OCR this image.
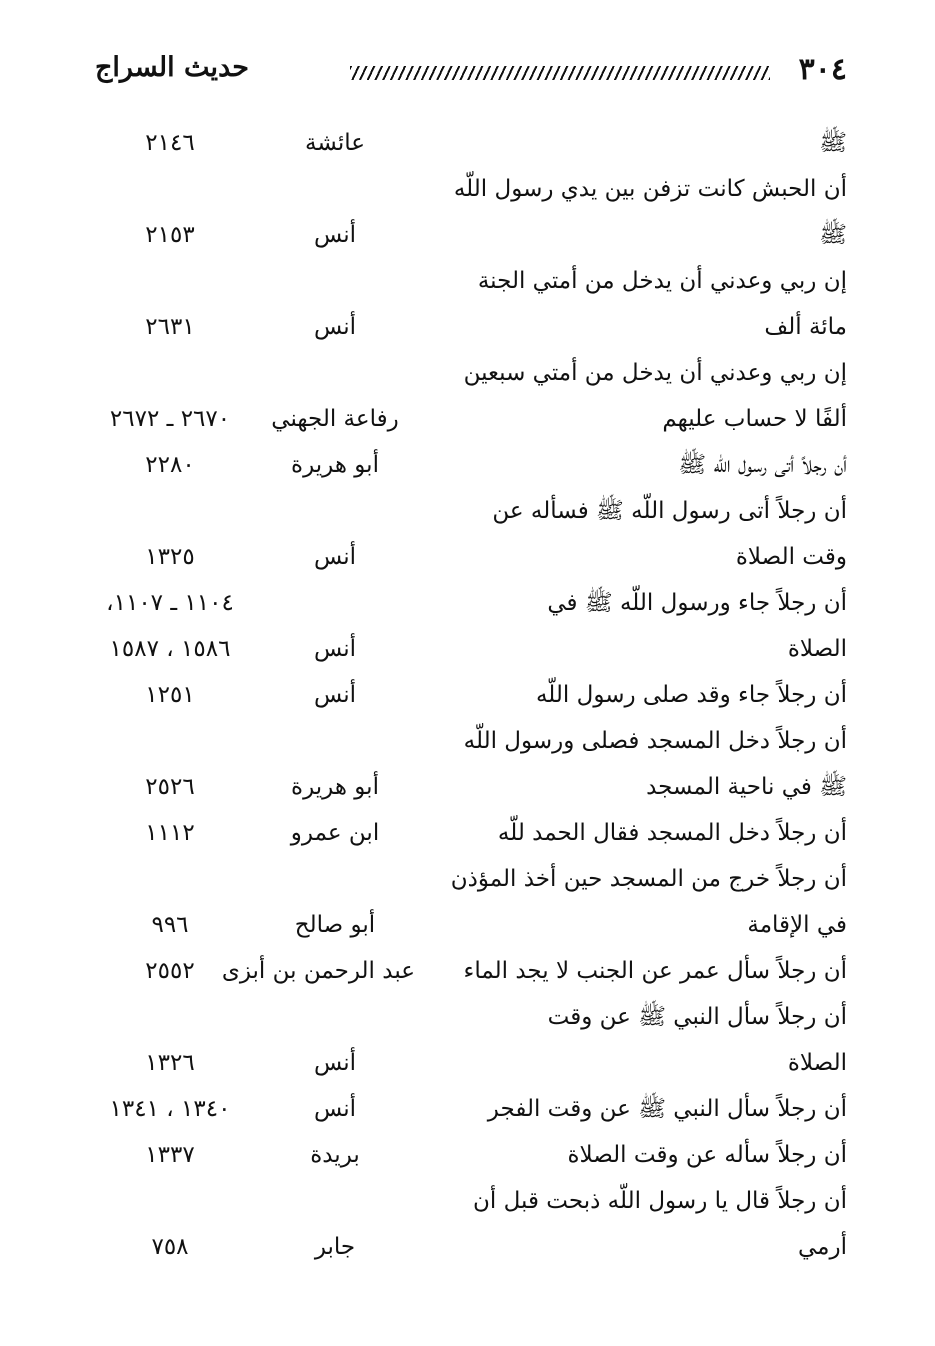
٣٠٤
حديث السراج
ﷺ
عائشة
٢١٤٦
أن الحبش كانت تزفن بين يدي رسول اللّه
ﷺ
أنس
٢١٥٣
إن ربي وعدني أن يدخل من أمتي الجنة
مائة ألف
أنس
٢٦٣١
إن ربي وعدني أن يدخل من أمتي سبعين
ألفًا لا حساب عليهم
رفاعة الجهني
٢٦٧٠ ـ ٢٦٧٢
أن رجلاً أتى رسول اللّه ﷺ
أبو هريرة
٢٢٨٠
أن رجلاً أتى رسول اللّه ﷺ فسأله عن
وقت الصلاة
أنس
١٣٢٥
أن رجلاً جاء ورسول اللّه ﷺ في
١١٠٤ ـ ١١٠٧،
الصلاة
أنس
١٥٨٦ ، ١٥٨٧
أن رجلاً جاء وقد صلى رسول اللّه
أنس
١٢٥١
أن رجلاً دخل المسجد فصلى ورسول اللّه
ﷺ في ناحية المسجد
أبو هريرة
٢٥٢٦
أن رجلاً دخل المسجد فقال الحمد للّه
ابن عمرو
١١١٢
أن رجلاً خرج من المسجد حين أخذ المؤذن
في الإقامة
أبو صالح
٩٩٦
أن رجلاً سأل عمر عن الجنب لا يجد الماء
عبد الرحمن بن أبزى
٢٥٥٢
أن رجلاً سأل النبي ﷺ عن وقت
الصلاة
أنس
١٣٢٦
أن رجلاً سأل النبي ﷺ عن وقت الفجر
أنس
١٣٤٠ ، ١٣٤١
أن رجلاً سأله عن وقت الصلاة
بريدة
١٣٣٧
أن رجلاً قال يا رسول اللّه ذبحت قبل أن
أرمي
جابر
٧٥٨
